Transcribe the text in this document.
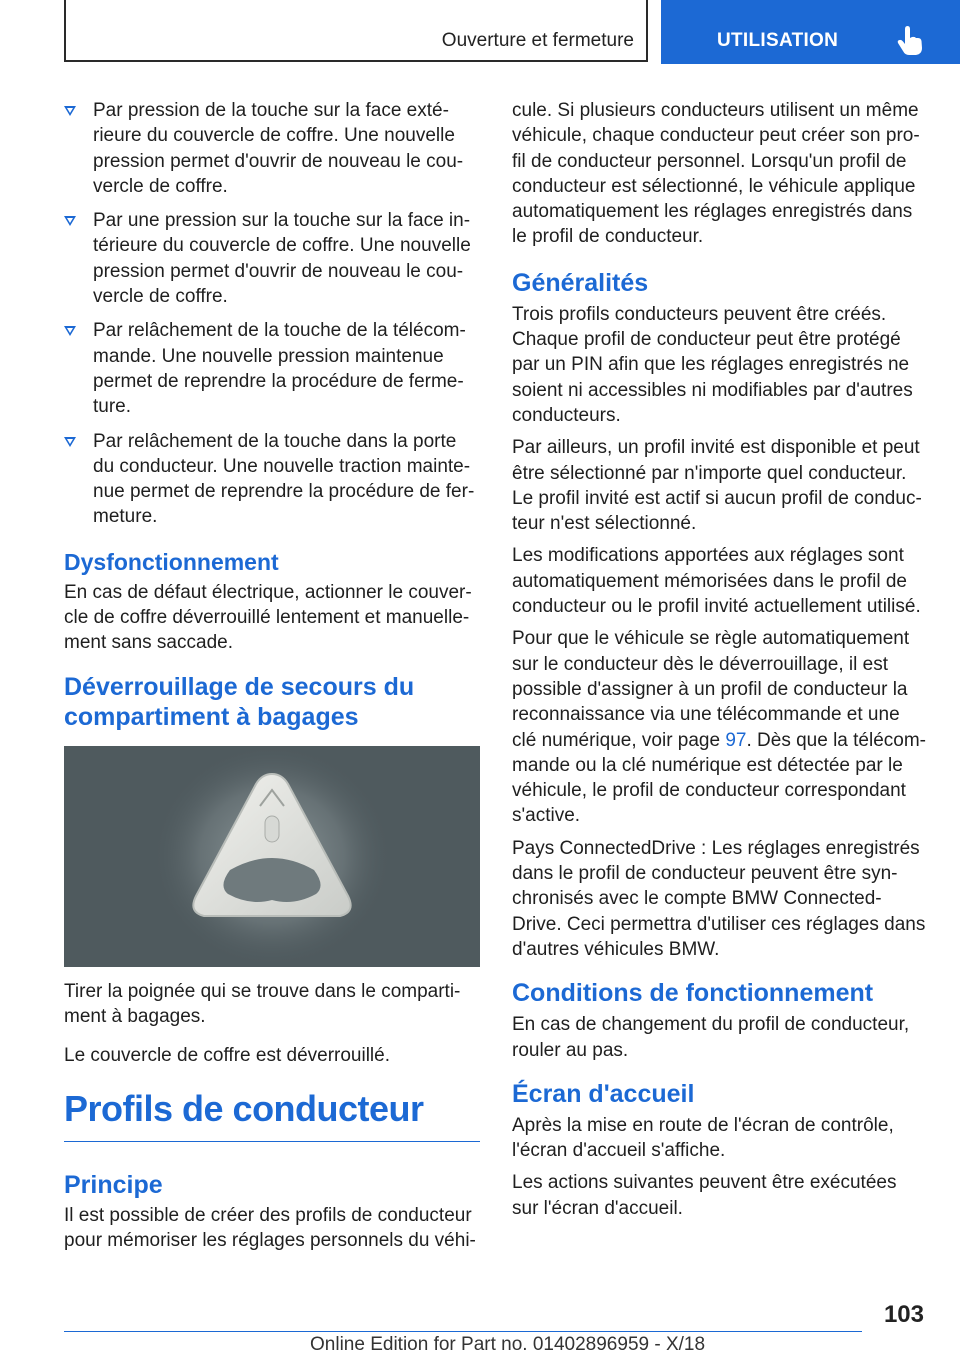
Ouverture et fermeture	UTILISATION
Par pression de la touche sur la face exté-rieure du couvercle de coffre. Une nouvelle pression permet d'ouvrir de nouveau le cou-vercle de coffre.
Par une pression sur la touche sur la face in-térieure du couvercle de coffre. Une nouvelle pression permet d'ouvrir de nouveau le cou-vercle de coffre.
Par relâchement de la touche de la télécom-mande. Une nouvelle pression maintenue permet de reprendre la procédure de ferme-ture.
Par relâchement de la touche dans la porte du conducteur. Une nouvelle traction mainte-nue permet de reprendre la procédure de fer-meture.
Dysfonctionnement

En cas de défaut électrique, actionner le couver-cle de coffre déverrouillé lentement et manuelle-ment sans saccade.

Déverrouillage de secours du compartiment à bagages

Tirer la poignée qui se trouve dans le comparti-ment à bagages.

Le couvercle de coffre est déverrouillé.

Profils de conducteur
Principe

Il est possible de créer des profils de conducteur pour mémoriser les réglages personnels du véhi-

cule. Si plusieurs conducteurs utilisent un même véhicule, chaque conducteur peut créer son pro-fil de conducteur personnel. Lorsqu'un profil de conducteur est sélectionné, le véhicule applique automatiquement les réglages enregistrés dans le profil de conducteur.

Généralités

Trois profils conducteurs peuvent être créés. Chaque profil de conducteur peut être protégé par un PIN afin que les réglages enregistrés ne soient ni accessibles ni modifiables par d'autres conducteurs.

Par ailleurs, un profil invité est disponible et peut être sélectionné par n'importe quel conducteur. Le profil invité est actif si aucun profil de conduc-teur n'est sélectionné.

Les modifications apportées aux réglages sont automatiquement mémorisées dans le profil de conducteur ou le profil invité actuellement utilisé.

Pour que le véhicule se règle automatiquement sur le conducteur dès le déverrouillage, il est possible d'assigner à un profil de conducteur la reconnaissance via une télécommande et une clé numérique, voir page 97. Dès que la télécom-mande ou la clé numérique est détectée par le véhicule, le profil de conducteur correspondant s'active.

Pays ConnectedDrive : Les réglages enregistrés dans le profil de conducteur peuvent être syn-chronisés avec le compte BMW Connected-Drive. Ceci permettra d'utiliser ces réglages dans d'autres véhicules BMW.

Conditions de fonctionnement

En cas de changement du profil de conducteur, rouler au pas.

Écran d'accueil

Après la mise en route de l'écran de contrôle, l'écran d'accueil s'affiche.

Les actions suivantes peuvent être exécutées sur l'écran d'accueil.

103
Online Edition for Part no. 01402896959 - X/18
